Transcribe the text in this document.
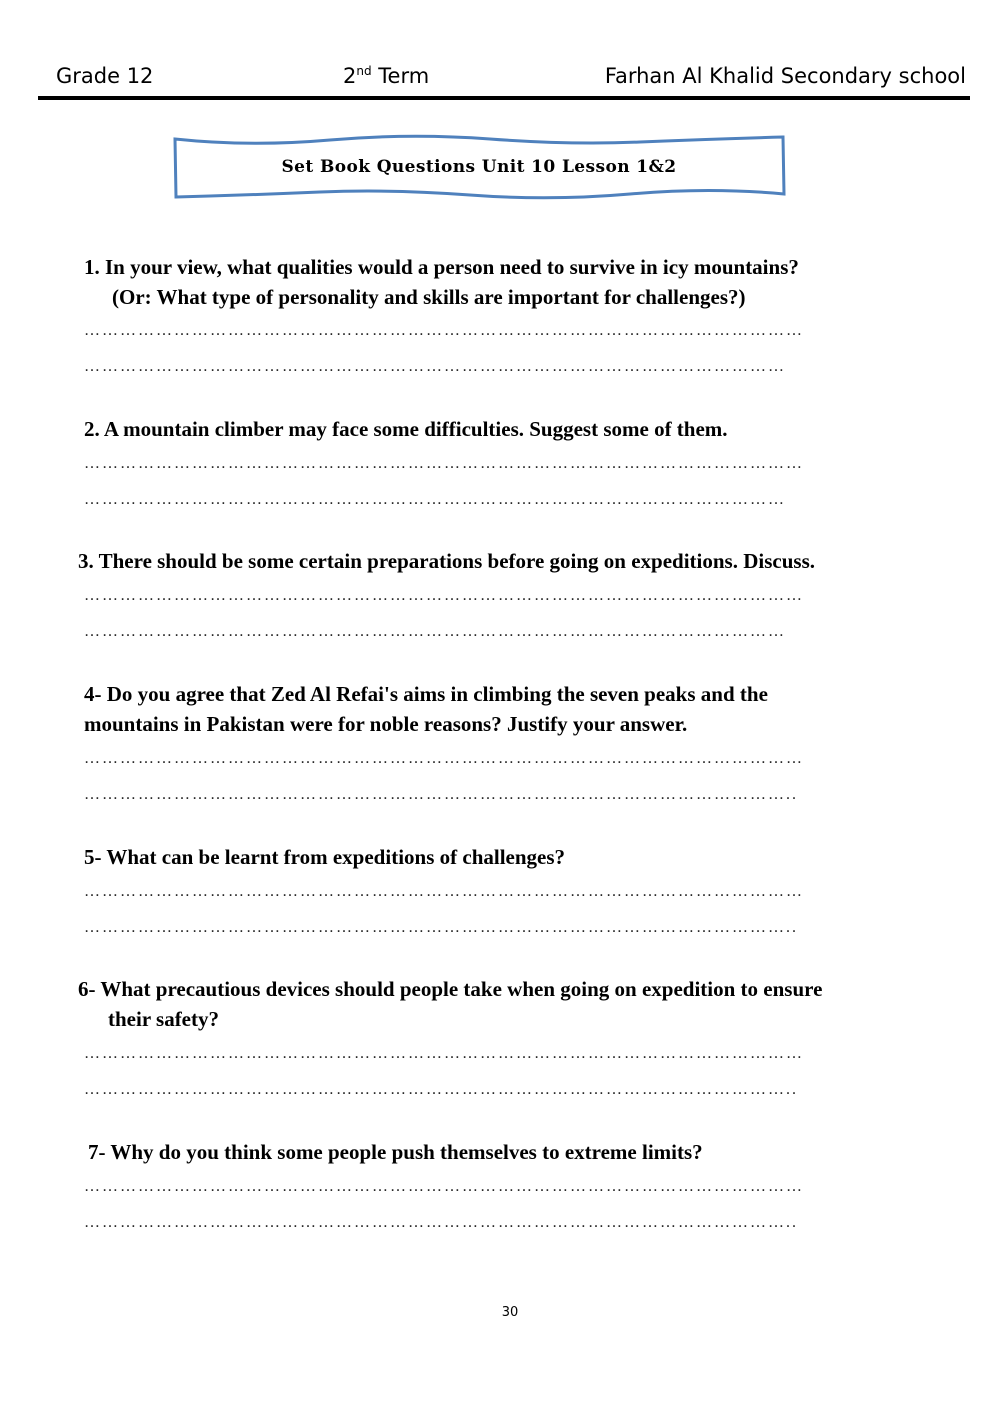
Grade 12	2nd Term	Farhan Al Khalid Secondary school
Set Book Questions Unit 10 Lesson 1&2
1. In your view, what qualities would a person need to survive in icy mountains?
(Or: What type of personality and skills are important for challenges?)
…………………………………………………………………………………………………………
………………………………………………………………………………………………………
2. A mountain climber may face some difficulties. Suggest some of them.
…………………………………………………………………………………………………………
………………………………………………………………………………………………………
3. There should be some certain preparations before going on expeditions. Discuss.
…………………………………………………………………………………………………………
………………………………………………………………………………………………………
4- Do you agree that Zed Al Refai's aims in climbing the seven peaks and the
mountains in Pakistan were for noble reasons? Justify your answer.
…………………………………………………………………………………………………………
………………………………………………………………………………………………………..
5- What can be learnt from expeditions of challenges?
…………………………………………………………………………………………………………
………………………………………………………………………………………………………..
6- What precautious devices should people take when going on expedition to ensure
their safety?
…………………………………………………………………………………………………………
………………………………………………………………………………………………………..
7- Why do you think some people push themselves to extreme limits?
…………………………………………………………………………………………………………
………………………………………………………………………………………………………..
30
